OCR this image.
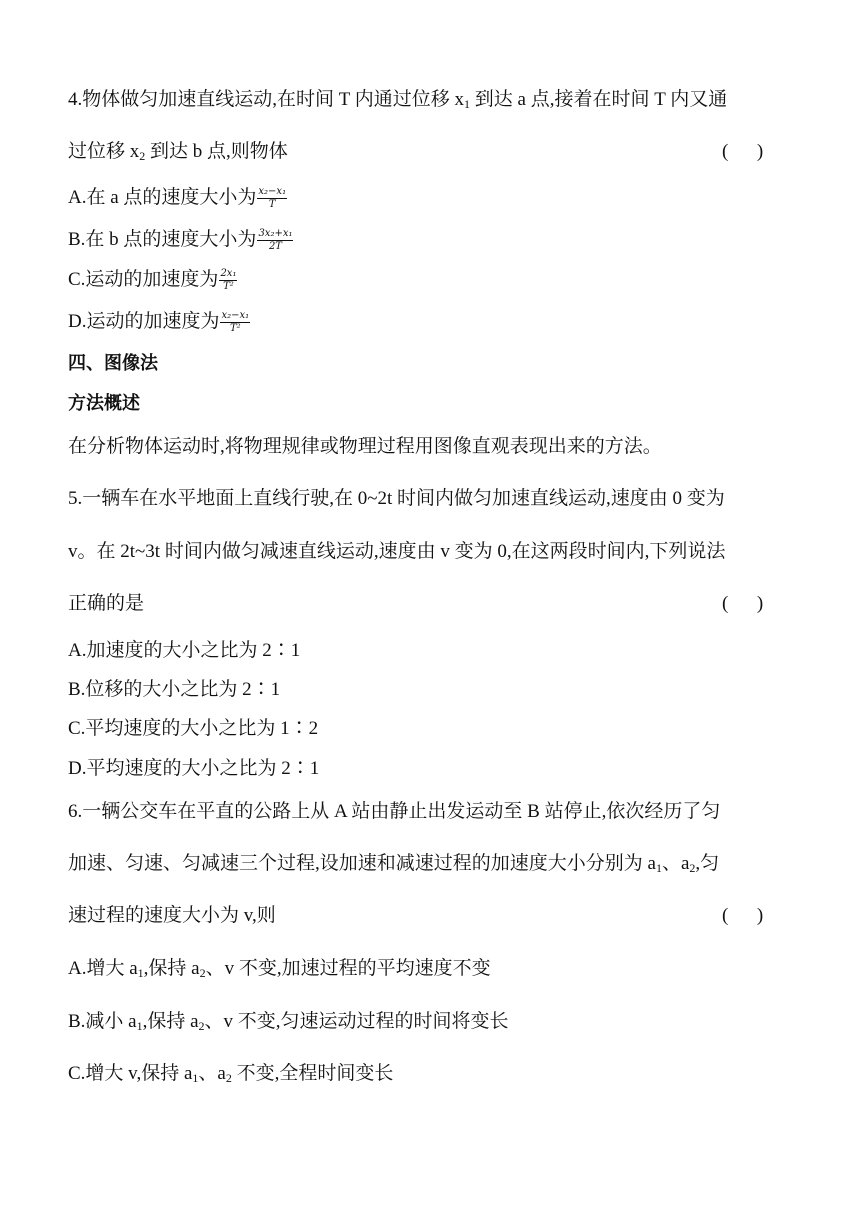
4.物体做匀加速直线运动,在时间 T 内通过位移 $x_1$ 到达 a 点,接着在时间 T 内又通
过位移 $x_2$ 到达 b 点,则物体	(      )
A.在 a 点的速度大小为 $\frac{\text{x₂−x₁}}{T}$
B.在 b 点的速度大小为 $\frac{\text{3x₂+x₁}}{2T}$
C.运动的加速度为 $\frac{\text{2x₁}}{\text{T²}}$
D.运动的加速度为 $\frac{\text{x₂−x₁}}{\text{T²}}$
四、图像法
方法概述
在分析物体运动时,将物理规律或物理过程用图像直观表现出来的方法。
5.一辆车在水平地面上直线行驶,在 0~2t 时间内做匀加速直线运动,速度由 0 变为
v。在 2t~3t 时间内做匀减速直线运动,速度由 v 变为 0,在这两段时间内,下列说法
正确的是	(      )
A.加速度的大小之比为 2∶1
B.位移的大小之比为 2∶1
C.平均速度的大小之比为 1∶2
D.平均速度的大小之比为 2∶1
6.一辆公交车在平直的公路上从 A 站由静止出发运动至 B 站停止,依次经历了匀
加速、匀速、匀减速三个过程,设加速和减速过程的加速度大小分别为 $a_1$、$a_2$,匀
速过程的速度大小为 v,则	(      )
A.增大 $a_1$,保持 $a_2$、v 不变,加速过程的平均速度不变
B.减小 $a_1$,保持 $a_2$、v 不变,匀速运动过程的时间将变长
C.增大 v,保持 $a_1$、$a_2$ 不变,全程时间变长
